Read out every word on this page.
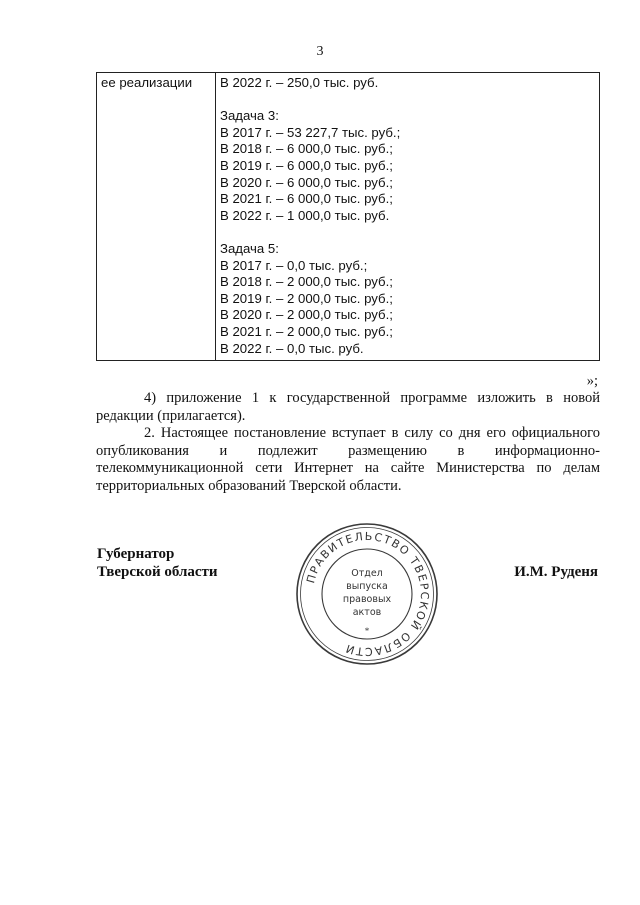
3
ее реализации	В 2022 г. – 250,0 тыс. руб.
Задача 3:
В 2017 г. – 53 227,7 тыс. руб.;
В 2018 г. – 6 000,0 тыс. руб.;
В 2019 г. – 6 000,0 тыс. руб.;
В 2020 г. – 6 000,0 тыс. руб.;
В 2021 г. – 6 000,0 тыс. руб.;
В 2022 г. – 1 000,0 тыс. руб.
Задача 5:
В 2017 г. – 0,0 тыс. руб.;
В 2018 г. – 2 000,0 тыс. руб.;
В 2019 г. – 2 000,0 тыс. руб.;
В 2020 г. – 2 000,0 тыс. руб.;
В 2021 г. – 2 000,0 тыс. руб.;
В 2022 г. – 0,0 тыс. руб.
»;
4) приложение 1 к государственной программе изложить в новой редакции (прилагается).
2. Настоящее постановление вступает в силу со дня его официального
опубликования и подлежит размещению в информационно-
телекоммуникационной сети Интернет на сайте Министерства по делам
территориальных образований Тверской области.
Губернатор
Тверской области	И.М. Руденя
ПРАВИТЕЛЬСТВО ТВЕРСКОЙ ОБЛАСТИ
*
Отдел
выпуска
правовых
актов
